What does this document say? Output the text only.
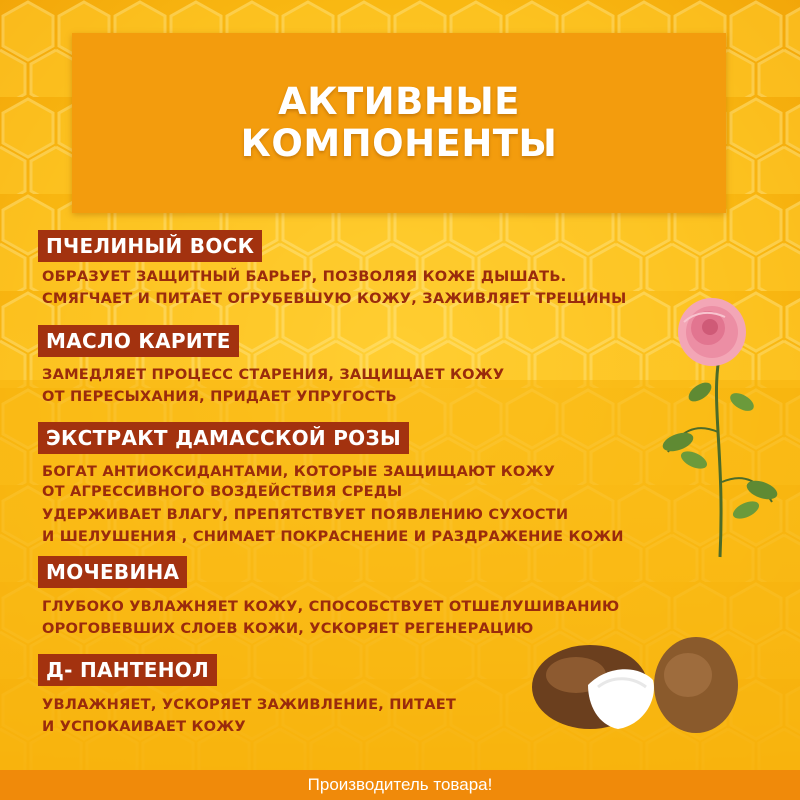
АКТИВНЫЕ
КОМПОНЕНТЫ
ПЧЕЛИНЫЙ ВОСК
ОБРАЗУЕТ ЗАЩИТНЫЙ БАРЬЕР, ПОЗВОЛЯЯ КОЖЕ ДЫШАТЬ.
СМЯГЧАЕТ И ПИТАЕТ ОГРУБЕВШУЮ КОЖУ, ЗАЖИВЛЯЕТ ТРЕЩИНЫ
МАСЛО КАРИТЕ
ЗАМЕДЛЯЕТ ПРОЦЕСС СТАРЕНИЯ, ЗАЩИЩАЕТ КОЖУ
ОТ ПЕРЕСЫХАНИЯ, ПРИДАЕТ УПРУГОСТЬ
ЭКСТРАКТ ДАМАССКОЙ РОЗЫ
БОГАТ АНТИОКСИДАНТАМИ, КОТОРЫЕ ЗАЩИЩАЮТ КОЖУ
ОТ АГРЕССИВНОГО ВОЗДЕЙСТВИЯ СРЕДЫ
УДЕРЖИВАЕТ ВЛАГУ, ПРЕПЯТСТВУЕТ ПОЯВЛЕНИЮ СУХОСТИ
И ШЕЛУШЕНИЯ , СНИМАЕТ ПОКРАСНЕНИЕ И РАЗДРАЖЕНИЕ КОЖИ
МОЧЕВИНА
ГЛУБОКО УВЛАЖНЯЕТ КОЖУ, СПОСОБСТВУЕТ ОТШЕЛУШИВАНИЮ
ОРОГОВЕВШИХ СЛОЕВ КОЖИ, УСКОРЯЕТ РЕГЕНЕРАЦИЮ
Д- ПАНТЕНОЛ
УВЛАЖНЯЕТ, УСКОРЯЕТ ЗАЖИВЛЕНИЕ, ПИТАЕТ
И УСПОКАИВАЕТ КОЖУ
Производитель товара!
